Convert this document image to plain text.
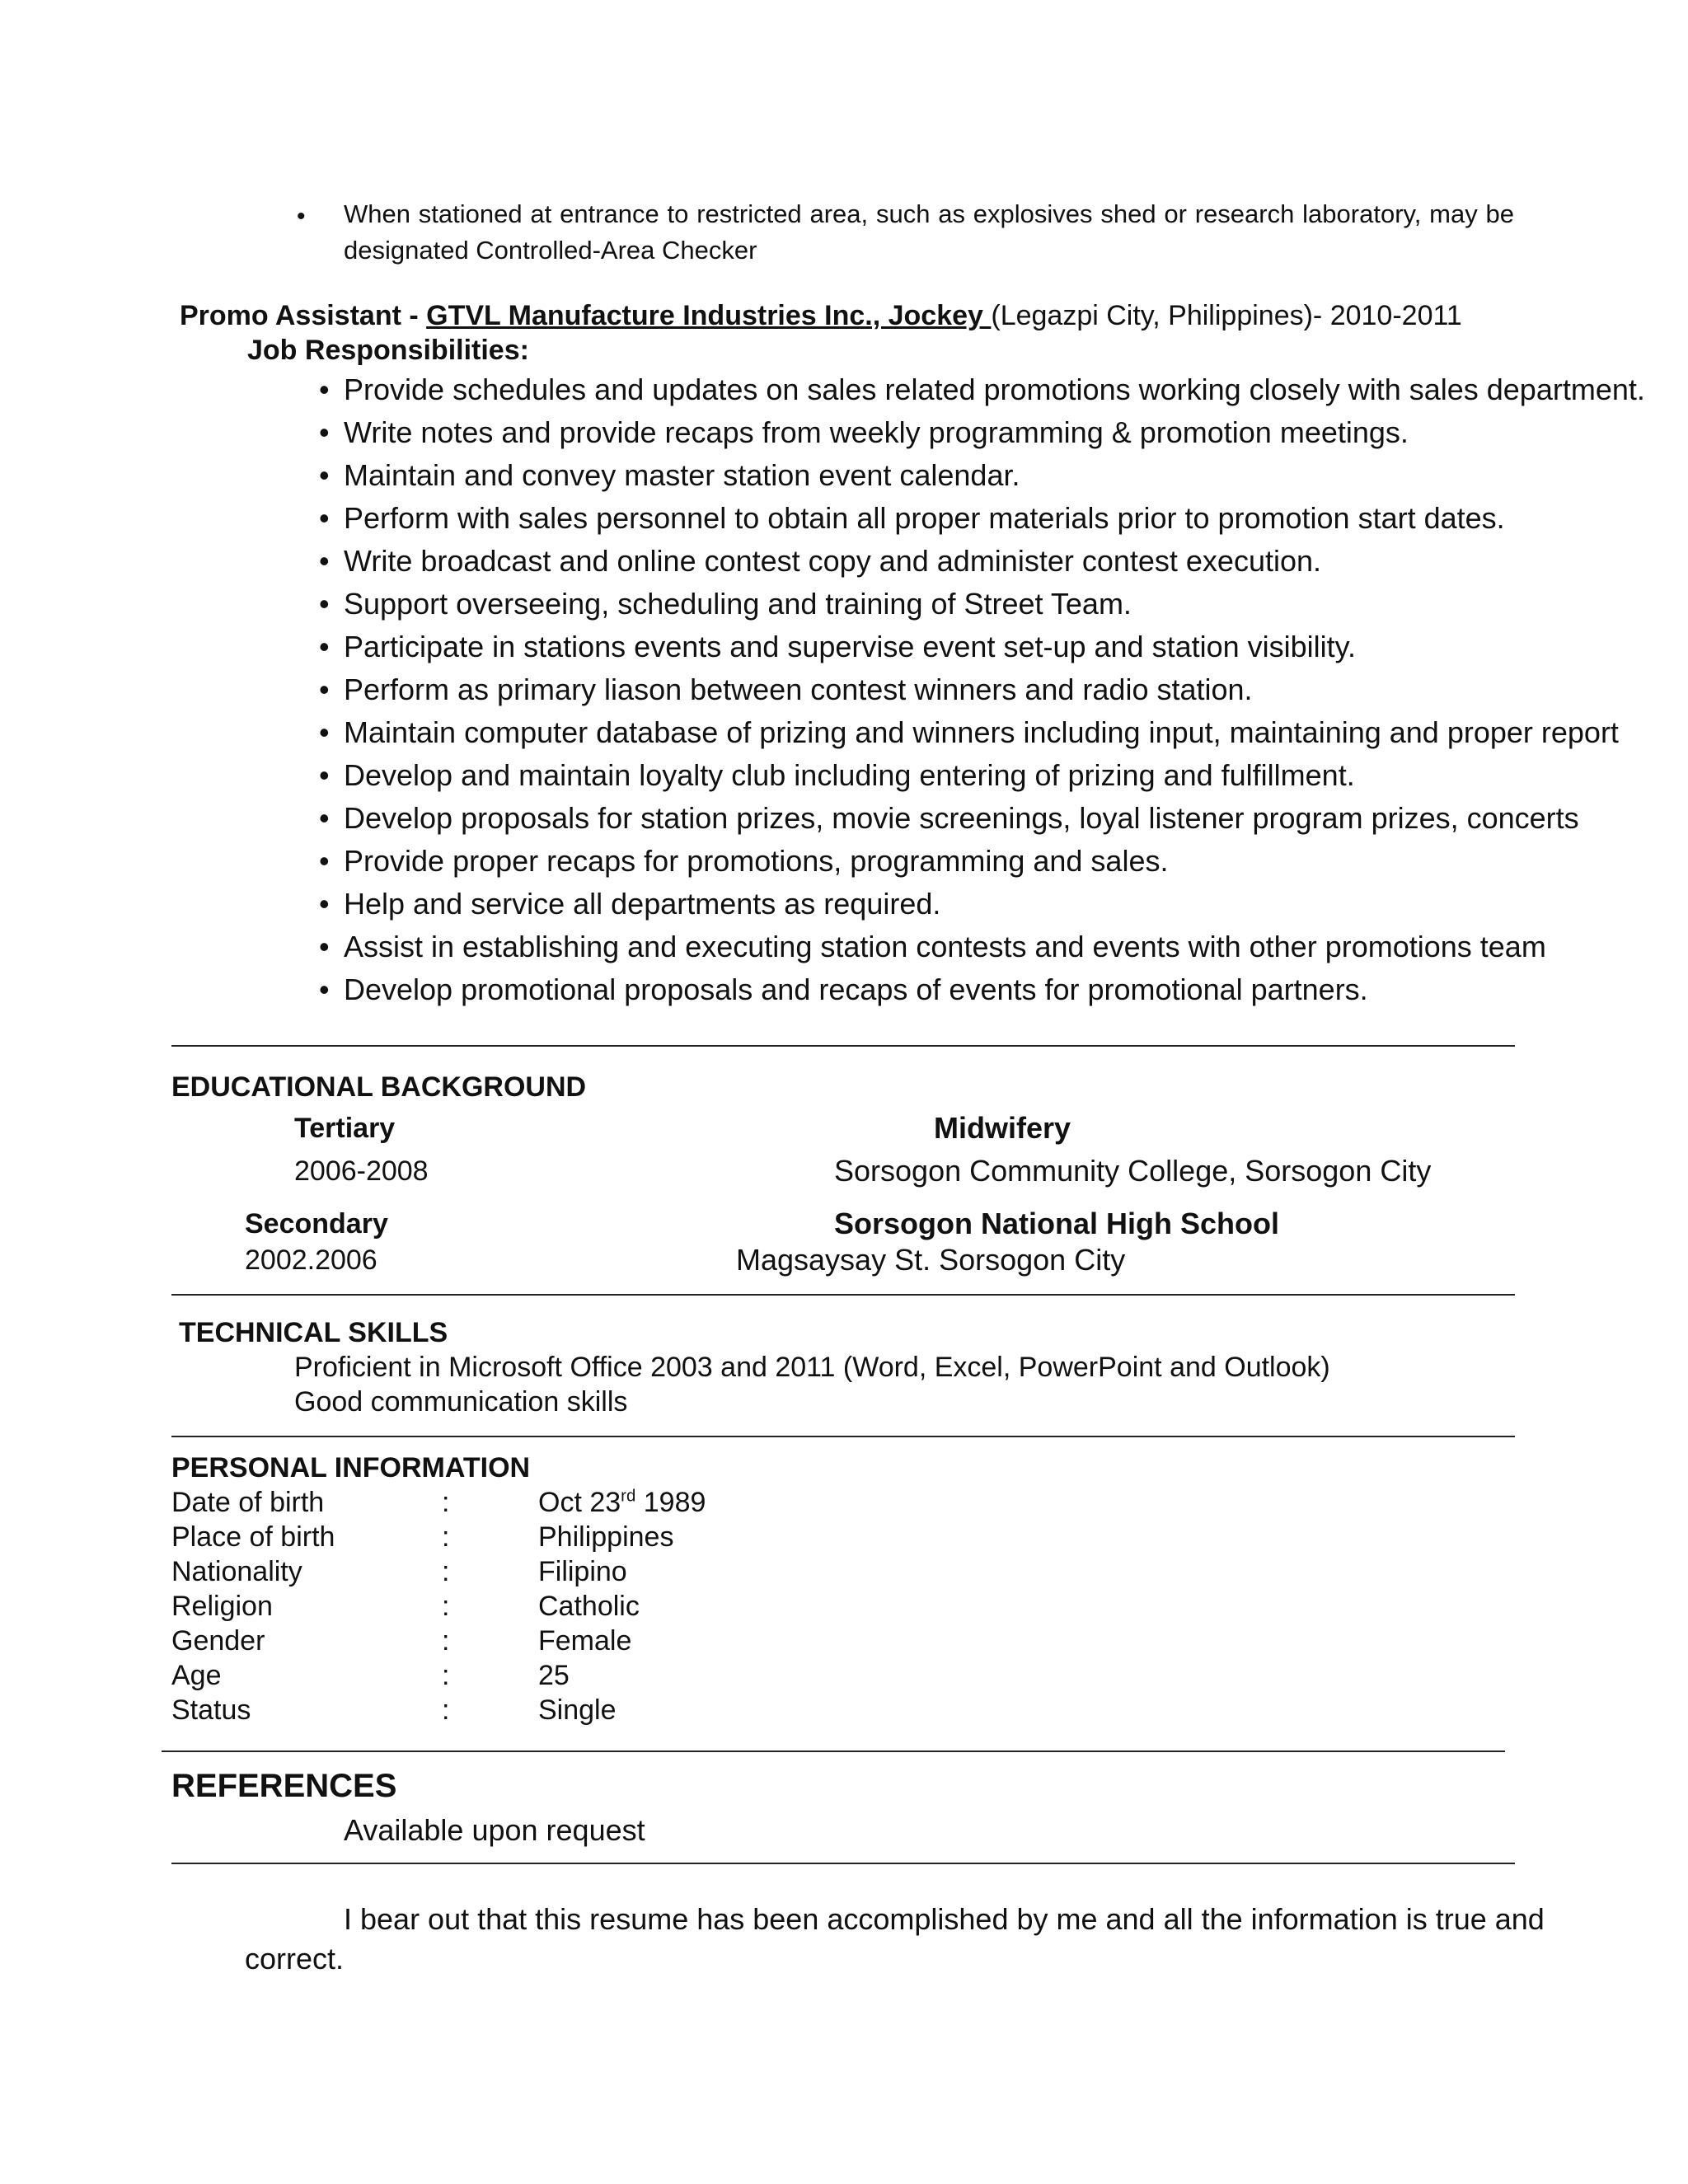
• When stationed at entrance to restricted area, such as explosives shed or research laboratory, may be designated Controlled-Area Checker
Promo Assistant - GTVL Manufacture Industries Inc., Jockey (Legazpi City, Philippines)- 2010-2011
Job Responsibilities:
• Provide schedules and updates on sales related promotions working closely with sales department.
• Write notes and provide recaps from weekly programming & promotion meetings.
• Maintain and convey master station event calendar.
• Perform with sales personnel to obtain all proper materials prior to promotion start dates.
• Write broadcast and online contest copy and administer contest execution.
• Support overseeing, scheduling and training of Street Team.
• Participate in stations events and supervise event set-up and station visibility.
• Perform as primary liason between contest winners and radio station.
• Maintain computer database of prizing and winners including input, maintaining and proper report
• Develop and maintain loyalty club including entering of prizing and fulfillment.
• Develop proposals for station prizes, movie screenings, loyal listener program prizes, concerts
• Provide proper recaps for promotions, programming and sales.
• Help and service all departments as required.
• Assist in establishing and executing station contests and events with other promotions team
• Develop promotional proposals and recaps of events for promotional partners.
EDUCATIONAL BACKGROUND
Tertiary	Midwifery
2006-2008	Sorsogon Community College, Sorsogon City
Secondary	Sorsogon National High School
2002.2006	Magsaysay St. Sorsogon City
TECHNICAL SKILLS
Proficient in Microsoft Office 2003 and 2011 (Word, Excel, PowerPoint and Outlook)
Good communication skills
PERSONAL INFORMATION
Date of birth	:	Oct 23rd 1989
Place of birth	:	Philippines
Nationality	:	Filipino
Religion	:	Catholic
Gender	:	Female
Age	:	25
Status	:	Single
REFERENCES
Available upon request
I bear out that this resume has been accomplished by me and all the information is true and
correct.
